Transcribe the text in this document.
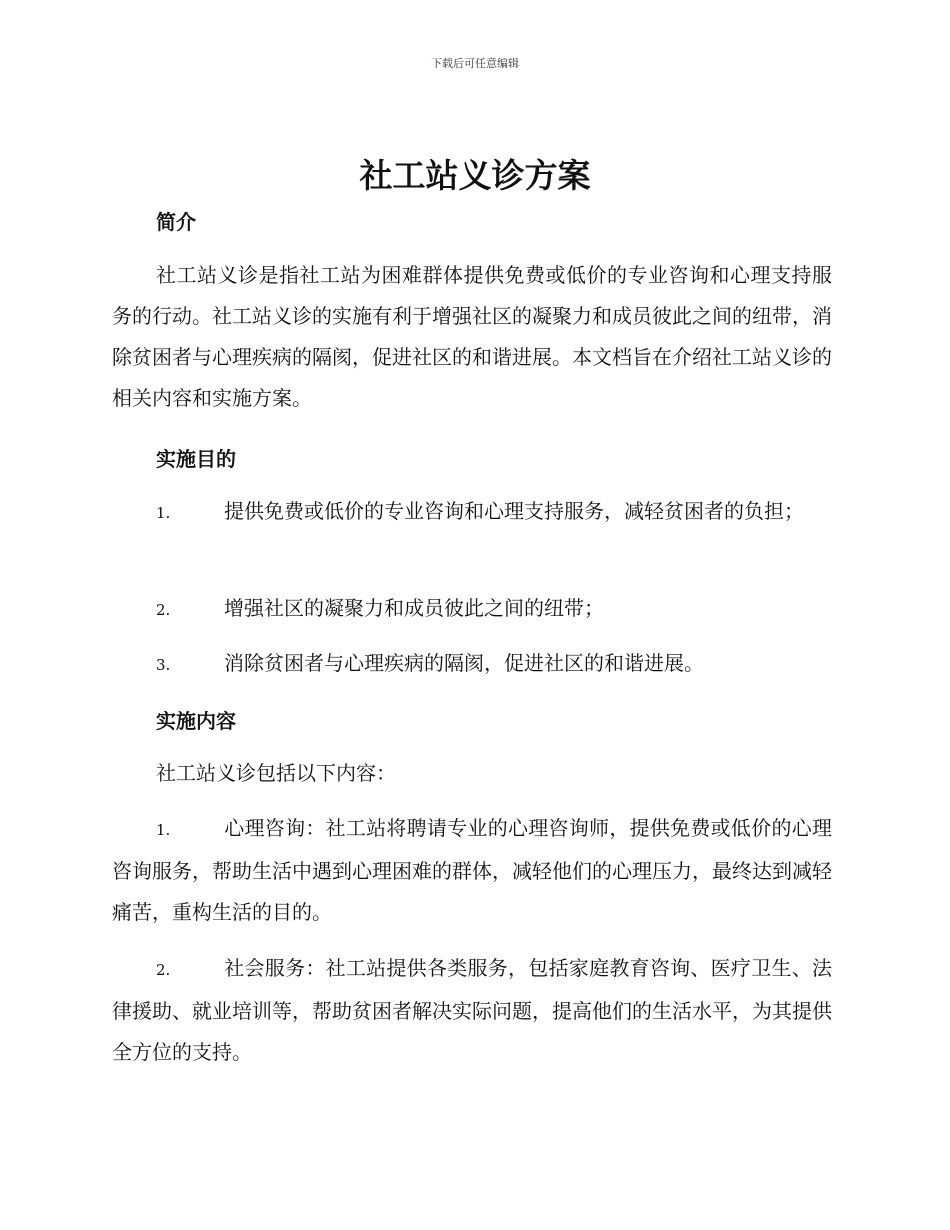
下载后可任意编辑
社工站义诊方案
简介
社工站义诊是指社工站为困难群体提供免费或低价的专业咨询和心理支持服务的行动。社工站义诊的实施有利于增强社区的凝聚力和成员彼此之间的纽带，消除贫困者与心理疾病的隔阂，促进社区的和谐进展。本文档旨在介绍社工站义诊的相关内容和实施方案。
实施目的
1.	提供免费或低价的专业咨询和心理支持服务，减轻贫困者的负担；
2.	增强社区的凝聚力和成员彼此之间的纽带；
3.	消除贫困者与心理疾病的隔阂，促进社区的和谐进展。
实施内容
社工站义诊包括以下内容：
1.	心理咨询：社工站将聘请专业的心理咨询师，提供免费或低价的心理咨询服务，帮助生活中遇到心理困难的群体，减轻他们的心理压力，最终达到减轻痛苦，重构生活的目的。
2.	社会服务：社工站提供各类服务，包括家庭教育咨询、医疗卫生、法律援助、就业培训等，帮助贫困者解决实际问题，提高他们的生活水平，为其提供全方位的支持。
